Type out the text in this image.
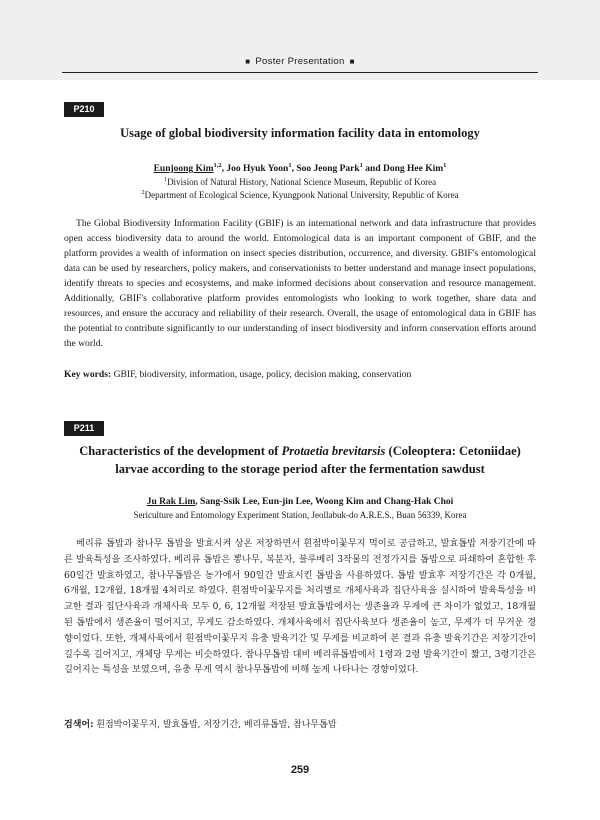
■ Poster Presentation ■
P210
Usage of global biodiversity information facility data in entomology
Eunjoong Kim$^{1,2}$, Joo Hyuk Yoon$^1$, Soo Jeong Park$^1$ and Dong Hee Kim$^1$
$^1$Division of Natural History, National Science Museum, Republic of Korea
$^2$Department of Ecological Science, Kyungpook National University, Republic of Korea

The Global Biodiversity Information Facility (GBIF) is an international network and data infrastructure that provides open access biodiversity data to around the world. Entomological data is an important component of GBIF, and the platform provides a wealth of information on insect species distribution, occurrence, and diversity. GBIF's entomological data can be used by researchers, policy makers, and conservationists to better understand and manage insect populations, identify threats to species and ecosystems, and make informed decisions about conservation and resource management. Additionally, GBIF's collaborative platform provides entomologists who looking to work together, share data and resources, and ensure the accuracy and reliability of their research. Overall, the usage of entomological data in GBIF has the potential to contribute significantly to our understanding of insect biodiversity and inform conservation efforts around the world.

Key words: GBIF, biodiversity, information, usage, policy, decision making, conservation
P211
Characteristics of the development of Protaetia brevitarsis (Coleoptera: Cetoniidae) larvae according to the storage period after the fermentation sawdust
Ju Rak Lim, Sang-Ssik Lee, Eun-jin Lee, Woong Kim and Chang-Hak Choi
Sericulture and Entomology Experiment Station, Jeollabuk-do A.R.E.S., Buan 56339, Korea

베리류 톱밥과 참나무 톱밥을 발효시켜 상온 저장하면서 흰점박이꽃무지 먹이로 공급하고, 발효톱밥 저장기간에 따른 발육특성을 조사하였다. 베리류 톱밥은 뽕나무, 복분자, 블루베리 3작물의 전정가지를 톱밥으로 파쇄하여 혼합한 후 60일간 발효하였고, 참나무톱밥은 농가에서 90일간 발효시킨 톱밥을 사용하였다. 톱밥 발효후 저장기간은 각 0개월, 6개월, 12개월, 18개월 4처리로 하였다. 흰점박이꽃무지를 처리별로 개체사육과 집단사육을 실시하여 발육특성을 비교한 결과 집단사육과 개체사육 모두 0, 6, 12개월 저장된 발효톱밥에서는 생존율과 무게에 큰 차이가 없었고, 18개월 된 톱밥에서 생존율이 떨어지고, 무게도 감소하였다. 개체사육에서 집단사육보다 생존율이 높고, 무게가 더 무거운 경향이었다. 또한, 개체사육에서 흰점박이꽃무지 유충 발육기간 및 무게를 비교하여 본 결과 유충 발육기간은 저장기간이 길수록 길어지고, 개체당 무게는 비슷하였다. 참나무톱밥 대비 베리류톱밥에서 1령과 2령 발육기간이 짧고, 3령기간은 길어지는 특성을 보였으며, 유충 무게 역시 참나무톱밥에 비해 높게 나타나는 경향이었다.

검색어: 흰점박이꽃무지, 발효톱밥, 저장기간, 베리류톱밥, 참나무톱밥
259
